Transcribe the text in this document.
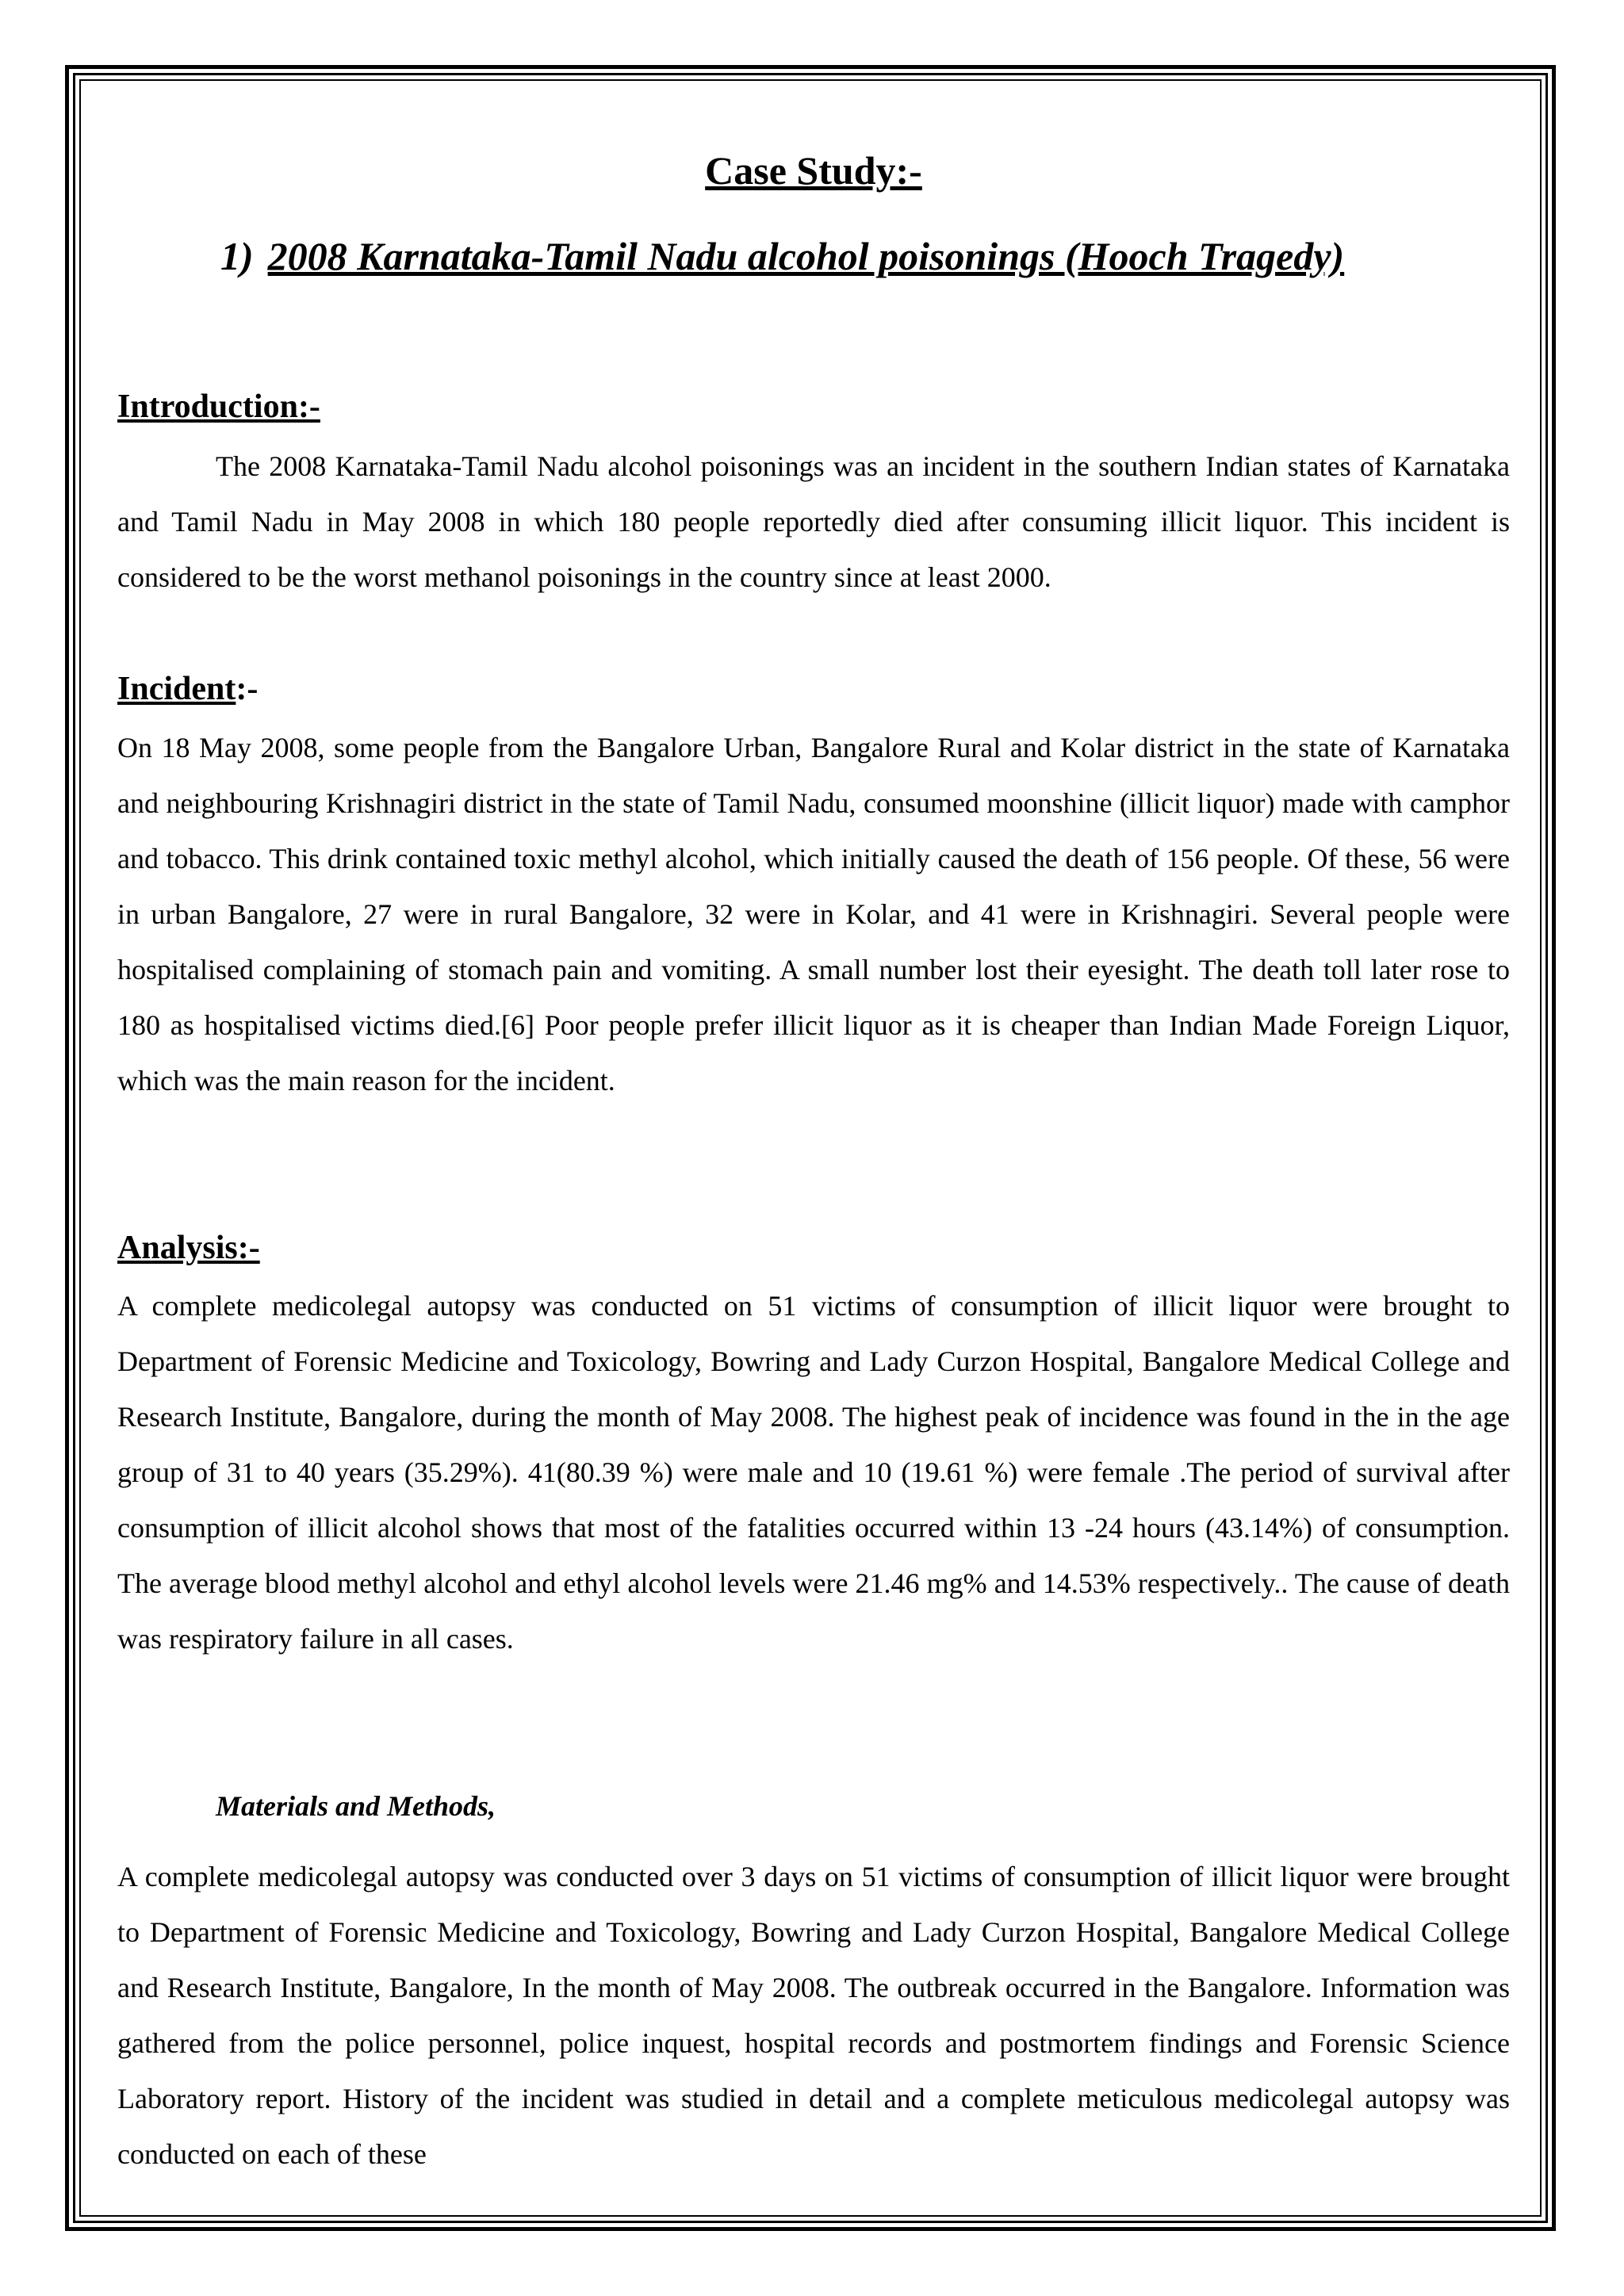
Case Study:-
1) 2008 Karnataka-Tamil Nadu alcohol poisonings (Hooch Tragedy)
Introduction:-

The 2008 Karnataka-Tamil Nadu alcohol poisonings was an incident in the southern Indian states of Karnataka and Tamil Nadu in May 2008 in which 180 people reportedly died after consuming illicit liquor. This incident is considered to be the worst methanol poisonings in the country since at least 2000.

Incident:-

On 18 May 2008, some people from the Bangalore Urban, Bangalore Rural and Kolar district in the state of Karnataka and neighbouring Krishnagiri district in the state of Tamil Nadu, consumed moonshine (illicit liquor) made with camphor and tobacco. This drink contained toxic methyl alcohol, which initially caused the death of 156 people. Of these, 56 were in urban Bangalore, 27 were in rural Bangalore, 32 were in Kolar, and 41 were in Krishnagiri. Several people were hospitalised complaining of stomach pain and vomiting. A small number lost their eyesight. The death toll later rose to 180 as hospitalised victims died.[6] Poor people prefer illicit liquor as it is cheaper than Indian Made Foreign Liquor, which was the main reason for the incident.

Analysis:-

A complete medicolegal autopsy was conducted on 51 victims of consumption of illicit liquor were brought to Department of Forensic Medicine and Toxicology, Bowring and Lady Curzon Hospital, Bangalore Medical College and Research Institute, Bangalore, during the month of May 2008. The highest peak of incidence was found in the in the age group of 31 to 40 years (35.29%). 41(80.39 %) were male and 10 (19.61 %) were female .The period of survival after consumption of illicit alcohol shows that most of the fatalities occurred within 13 -24 hours (43.14%) of consumption. The average blood methyl alcohol and ethyl alcohol levels were 21.46 mg% and 14.53% respectively.. The cause of death was respiratory failure in all cases.

Materials and Methods,

A complete medicolegal autopsy was conducted over 3 days on 51 victims of consumption of illicit liquor were brought to Department of Forensic Medicine and Toxicology, Bowring and Lady Curzon Hospital, Bangalore Medical College and Research Institute, Bangalore, In the month of May 2008. The outbreak occurred in the Bangalore. Information was gathered from the police personnel, police inquest, hospital records and postmortem findings and Forensic Science Laboratory report. History of the incident was studied in detail and a complete meticulous medicolegal autopsy was conducted on each of these
